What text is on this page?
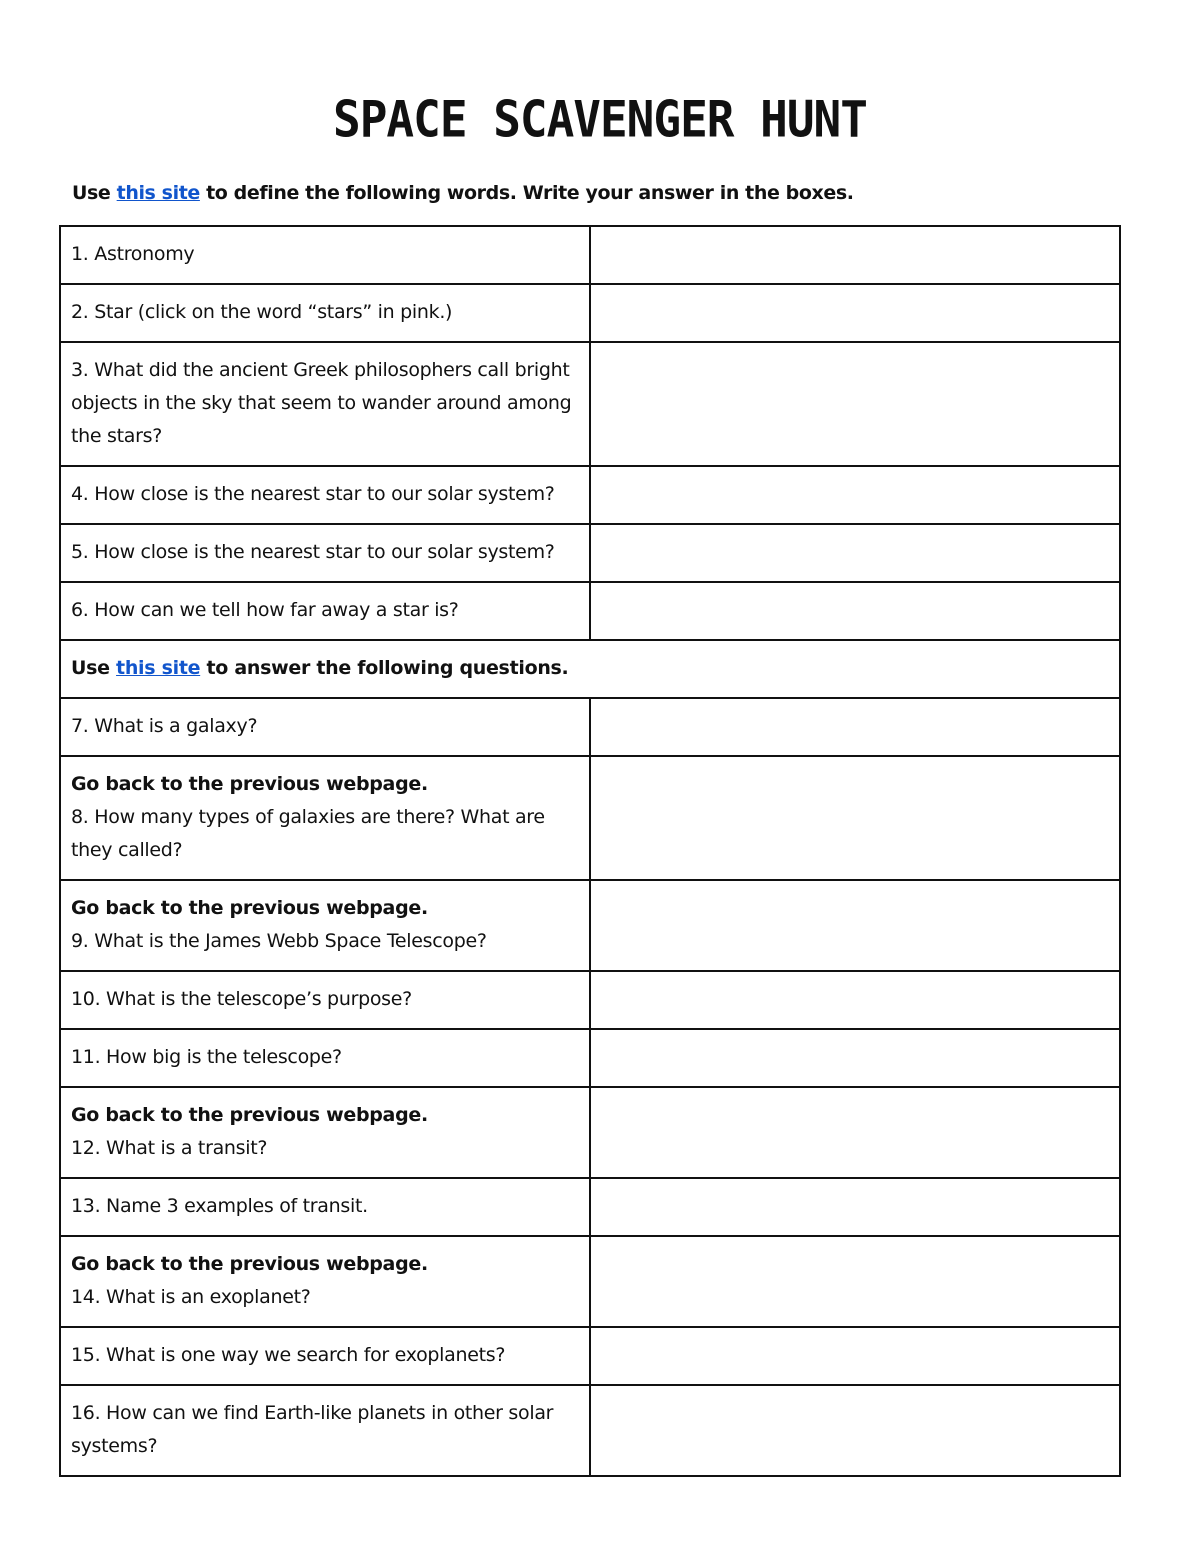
SPACE SCAVENGER HUNT
Use this site to define the following words. Write your answer in the boxes.
1. Astronomy	
2. Star (click on the word “stars” in pink.)	
3. What did the ancient Greek philosophers call bright objects in the sky that seem to wander around among the stars?	
4. How close is the nearest star to our solar system?	
5. How close is the nearest star to our solar system?	
6. How can we tell how far away a star is?	
Use this site to answer the following questions.	
7. What is a galaxy?	

Go back to the previous webpage.
8. How many types of galaxies are there? What are they called?	

Go back to the previous webpage.
9. What is the James Webb Space Telescope?	
10. What is the telescope’s purpose?	
11. How big is the telescope?	

Go back to the previous webpage.
12. What is a transit?	
13. Name 3 examples of transit.	

Go back to the previous webpage.
14. What is an exoplanet?	
15. What is one way we search for exoplanets?	
16. How can we find Earth-like planets in other solar systems?	
